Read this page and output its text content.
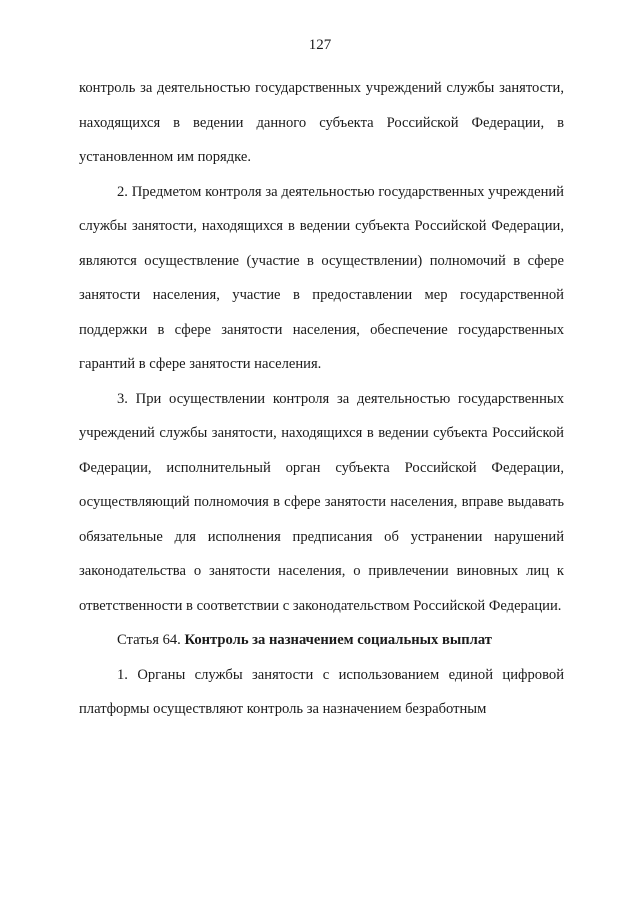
127

контроль за деятельностью государственных учреждений службы занятости, находящихся в ведении данного субъекта Российской Федерации, в установленном им порядке.

2. Предметом контроля за деятельностью государственных учреждений службы занятости, находящихся в ведении субъекта Российской Федерации, являются осуществление (участие в осуществлении) полномочий в сфере занятости населения, участие в предоставлении мер государственной поддержки в сфере занятости населения, обеспечение государственных гарантий в сфере занятости населения.

3. При осуществлении контроля за деятельностью государственных учреждений службы занятости, находящихся в ведении субъекта Российской Федерации, исполнительный орган субъекта Российской Федерации, осуществляющий полномочия в сфере занятости населения, вправе выдавать обязательные для исполнения предписания об устранении нарушений законодательства о занятости населения, о привлечении виновных лиц к ответственности в соответствии с законодательством Российской Федерации.

Статья 64. Контроль за назначением социальных выплат

1. Органы службы занятости с использованием единой цифровой платформы осуществляют контроль за назначением безработным
